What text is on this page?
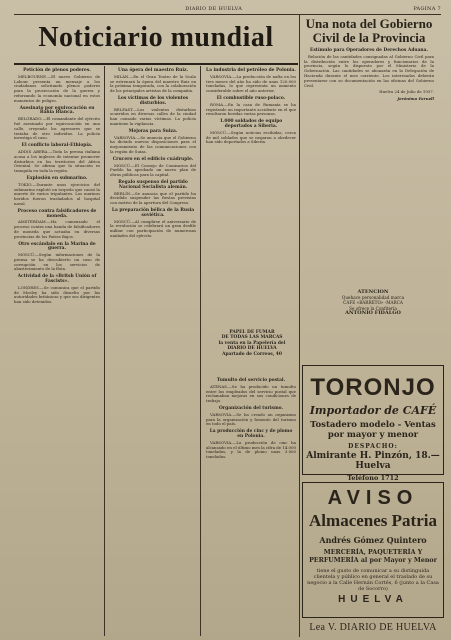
DIARIO DE HUELVA	PAGINA 7
Noticiario mundial
Petición de plenos poderes.

MELBOURNE.—El nuevo Gobierno de Labour presenta un mensaje a los ciudadanos solicitando plenos poderes para la prosecución de la guerra y reforzando la economía nacional en estos momentos de peligro.

Asesinato por equivocación en Bahia Blanca.

BELGRADO.—El comandante del ejército fué asesinado por equivocación en una calle, creyendo los agresores que se trataba de otro individuo. La policía investiga el caso.

El conflicto laboral-Ethiopía.

ADDIS ABEBA.—Toda la prensa italiana acusa a los ingleses de intentar promover disturbios en los territorios del Africa Oriental. Se afirma que la situación es tranquila en toda la región.

Explosión en submarino.

TOKIO.—Durante unos ejercicios del submarino explotó un torpedo que causó la muerte de varios tripulantes. Los marinos heridos fueron trasladados al hospital naval.

Proceso contra falsificadores de moneda.

AMSTERDAM.—Ha comenzado el proceso contra una banda de falsificadores de moneda que actuaba en diversas provincias de los Países Bajos.

Otro escándalo en la Marina de guerra.

MOSCÚ.—Según informaciones de la prensa se ha descubierto un caso de corrupción en los servicios de abastecimiento de la flota.

Actividad de la «Britsh Unión of Fascists».

LONDRES.—Se comunica que el partido de Mosley ha sido disuelto por las autoridades británicas y que sus dirigentes han sido detenidos.

Una ópera del maestro Ruiz.

MILÁN.—En el Gran Teatro de la Scala se estrenará la ópera del maestro Ruiz en la próxima temporada, con la colaboración de los principales artistas de la compañía.

Los víctimas de los violentos disturbios.

BELFAST.—Los violentos disturbios ocurridos en diversas calles de la ciudad han causado varias víctimas. La policía mantiene la vigilancia.

Mejoras para Suiza.

VARSOVIA.—Se anuncia que el Gobierno ha dictado nuevas disposiciones para el mejoramiento de las comunicaciones con la región de Suiza.

Crucero en el edificio cuádruple.

MOSCÚ.—El Consejo de Comisarios del Pueblo ha aprobado un nuevo plan de obras públicas para la capital.

Regalo suspenso del partido Nacional Socialista alemán.

BERLÍN.—Se anuncia que el partido ha decidido suspender las fiestas previstas con motivo de la apertura del Congreso.

La preparación bélica de la Rusia soviética.

MOSCÚ.—Al cumplirse el aniversario de la revolución se celebrará un gran desfile militar con participación de numerosas unidades del ejército.

La industria del petróleo de Polonia.

VARSOVIA.—La producción de nafta en los tres meses del año ha sido de unas 120.000 toneladas, lo que representa un aumento considerable sobre el año anterior.

El combustible ruso-polaco.

ROMA.—En la casa de Rumanía se ha registrado un importante accidente en el que resultaron heridas varias personas.

1.000 soldados de equipo deportados a Siberia.

MOSCÚ.—Según noticias recibidas, cerca de mil soldados que se negaron a obedecer han sido deportados a Siberia.

PAPEL DE FUMAR
DE TODAS LAS MARCAS
la venta en la Papelería del
DIARIO DE HUELVA
Apartado de Correos, 40
Tumulto del servicio postal.

ATENAS.—Se ha producido un tumulto entre los empleados del servicio postal que reclamaban mejoras en sus condiciones de trabajo.

Organización del turismo.

VARSOVIA.—Se ha creado un organismo para la organización y fomento del turismo en todo el país.

La producción de cinc y de plomo en Polonia.

VARSOVIA.—La producción de cinc ha alcanzado en el último mes la cifra de 14.000 toneladas, y la de plomo unas 3.000 toneladas.

Una nota del Gobierno Civil de la Provincia
Estímulo para Operadores de Derechos Aduana.

Relación de las cantidades consignadas al Gobierno Civil para la distribución entre los operadores y funcionarios de la provincia, según lo dispuesto por el Ministerio de la Gobernación. Las cantidades se abonarán en la Delegación de Hacienda durante el mes corriente. Los interesados deberán presentarse con su documentación en las oficinas del Gobierno Civil.

Huelva 24 de Julio de 1937.

Jerónimo Farnell

ATENCION
Quehace personalidad marca
CAFE «BARRETO» -MARCA
Se ofrece la Confitería
ANTONIO FIDALGO
TORONJO
Importador de CAFÉ
Tostadero modelo - Ventas por mayor y menor
DESPACHO:
Almirante H. Pinzón, 18.—Huelva
Teléfono 1712
AVISO
Almacenes Patria
Andrés Gómez Quintero
MERCERÍA, PAQUETERÍA Y PERFUMERÍA al por Mayor y Menor
tiene el gusto de comunicar a su distinguida clientela y público en general el traslado de su negocio a la Calle Hernán Cortés, 6 (junto a la Casa de Socorro)
HUELVA
Lea V. DIARIO DE HUELVA
